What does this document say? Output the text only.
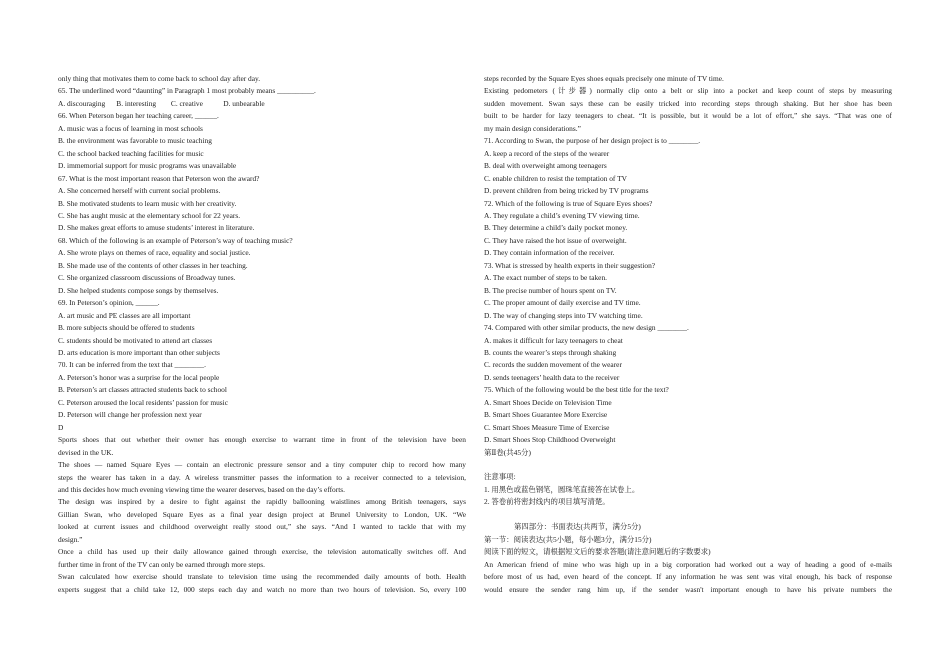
only thing that motivates them to come back to school day after day.
65. The underlined word “daunting” in Paragraph 1 most probably means __________.
A. discouraging      B. interesting        C. creative           D. unbearable
66. When Peterson began her teaching career, ______.
A. music was a focus of learning in most schools
B. the environment was favorable to music teaching
C. the school backed teaching facilities for music
D. immemorial support for music programs was unavailable
67. What is the most important reason that Peterson won the award?
A. She concerned herself with current social problems.
B. She motivated students to learn music with her creativity.
C. She has aught music at the elementary school for 22 years.
D. She makes great efforts to amuse students’ interest in literature.
68. Which of the following is an example of Peterson’s way of teaching music?
A. She wrote plays on themes of race, equality and social justice.
B. She made use of the contents of other classes in her teaching.
C. She organized classroom discussions of Broadway tunes.
D. She helped students compose songs by themselves.
69. In Peterson’s opinion, ______.
A. art music and PE classes are all important
B. more subjects should be offered to students
C. students should be motivated to attend art classes
D. arts education is more important than other subjects
70. It can be inferred from the text that ________.
A. Peterson’s honor was a surprise for the local people
B. Peterson’s art classes attracted students back to school
C. Peterson aroused the local residents’ passion for music
D. Peterson will change her profession next year
D
Sports shoes that out whether their owner has enough exercise to warrant time in front of the television have been
devised in the UK.
The shoes — named Square Eyes — contain an electronic pressure sensor and a tiny computer chip to record how many
steps the wearer has taken in a day. A wireless transmitter passes the information to a receiver connected to a television,
and this decides how much evening viewing time the wearer deserves, based on the day’s efforts.
The design was inspired by a desire to fight against the rapidly ballooning waistlines among British teenagers, says
Gillian Swan, who developed Square Eyes as a final year design project at Brunel University to London, UK. “We
looked at current issues and childhood overweight really stood out,” she says. “And I wanted to tackle that with my
design.”
Once a child has used up their daily allowance gained through exercise, the television automatically switches off. And
further time in front of the TV can only be earned through more steps.
Swan calculated how exercise should translate to television time using the recommended daily amounts of both. Health
experts suggest that a child take 12, 000 steps each day and watch no more than two hours of television. So, every 100
steps recorded by the Square Eyes shoes equals precisely one minute of TV time.
Existing pedometers (计步器) normally clip onto a belt or slip into a pocket and keep count of steps by measuring
sudden movement. Swan says these can be easily tricked into recording steps through shaking. But her shoe has been
built to be harder for lazy teenagers to cheat. “It is possible, but it would be a lot of effort,” she says. “That was one of
my main design considerations.”
71. According to Swan, the purpose of her design project is to ________.
A. keep a record of the steps of the wearer
B. deal with overweight among teenagers
C. enable children to resist the temptation of TV
D. prevent children from being tricked by TV programs
72. Which of the following is true of Square Eyes shoes?
A. They regulate a child’s evening TV viewing time.
B. They determine a child’s daily pocket money.
C. They have raised the hot issue of overweight.
D. They contain information of the receiver.
73. What is stressed by health experts in their suggestion?
A. The exact number of steps to be taken.
B. The precise number of hours spent on TV.
C. The proper amount of daily exercise and TV time.
D. The way of changing steps into TV watching time.
74. Compared with other similar products, the new design ________.
A. makes it difficult for lazy teenagers to cheat
B. counts the wearer’s steps through shaking
C. records the sudden movement of the wearer
D. sends teenagers’ health data to the receiver
75. Which of the following would be the best title for the text?
A. Smart Shoes Decide on Television Time
B. Smart Shoes Guarantee More Exercise
C. Smart Shoes Measure Time of Exercise
D. Smart Shoes Stop Childhood Overweight
第Ⅱ卷(共45分)
注意事项:
1. 用黑色或蓝色钢笔，圆珠笔直接答在试卷上。
2. 答卷前将密封线内的项目填写清楚。
第四部分：书面表达(共两节，满分5分)
第一节：阅读表达(共5小题，每小题3分，满分15分)
阅读下面的短文，请根据短文后的要求答题(请注意问题后的字数要求)
An American friend of mine who was high up in a big corporation had worked out a way of heading a good of e-mails
before most of us had, even heard of the concept. If any information he was sent was vital enough, his back of response
would ensure the sender rang him up, if the sender wasn't important enough to have his private numbers the
